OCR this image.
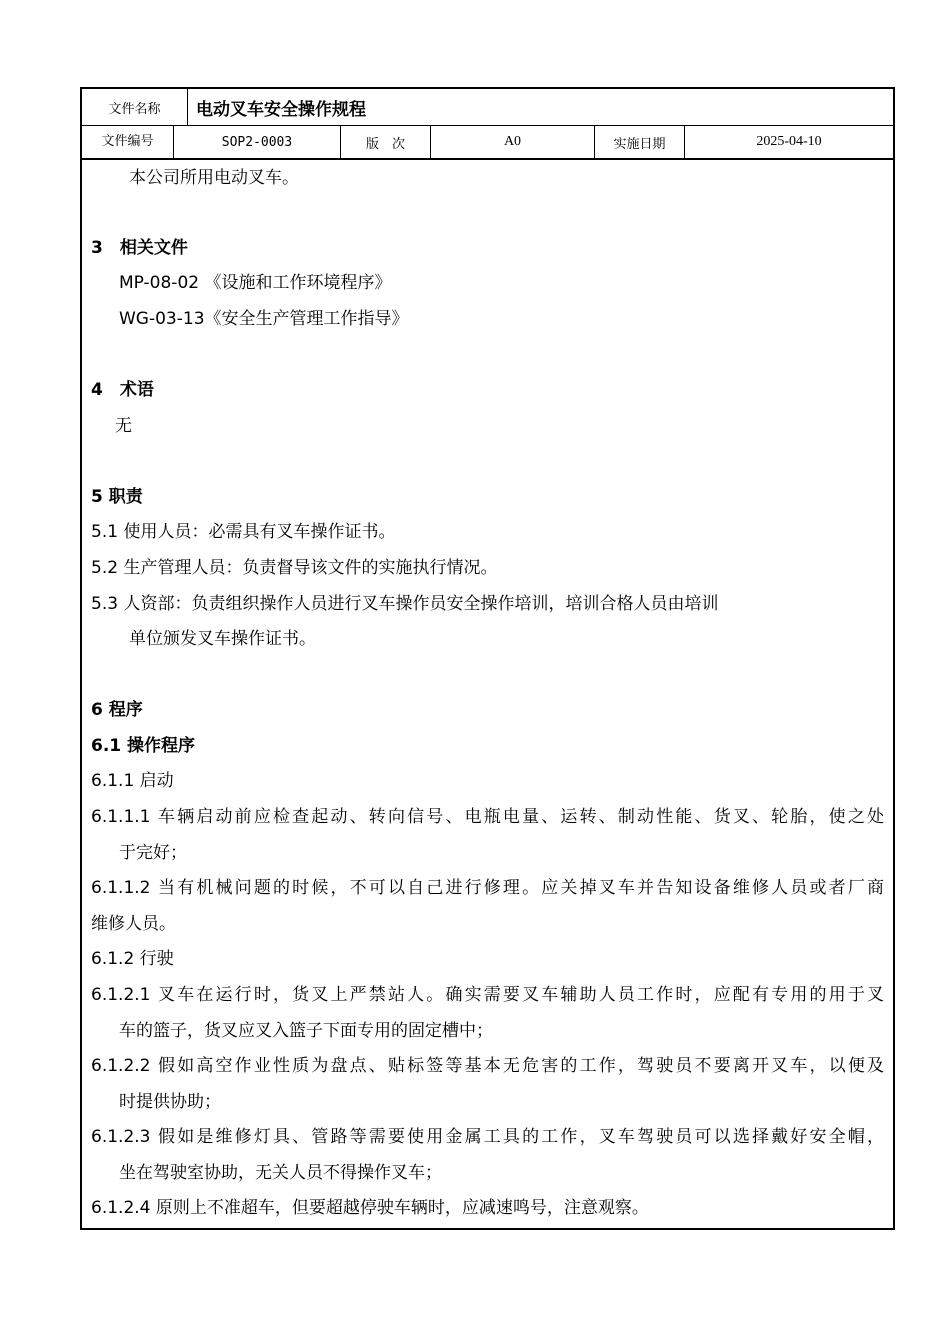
文件名称	电动叉车安全操作规程
文件编号	SOP2-0003	版　次	A0	实施日期	2025-04-10
本公司所用电动叉车。
3　相关文件
MP-08-02 《设施和工作环境程序》
WG-03-13《安全生产管理工作指导》
4　术语
无
5 职责
5.1 使用人员：必需具有叉车操作证书。
5.2 生产管理人员：负责督导该文件的实施执行情况。
5.3 人资部：负责组织操作人员进行叉车操作员安全操作培训，培训合格人员由培训
单位颁发叉车操作证书。
6 程序
6.1 操作程序
6.1.1 启动
6.1.1.1 车辆启动前应检查起动、转向信号、电瓶电量、运转、制动性能、货叉、轮胎，使之处
于完好；
6.1.1.2 当有机械问题的时候，不可以自己进行修理。应关掉叉车并告知设备维修人员或者厂商
维修人员。
6.1.2 行驶
6.1.2.1 叉车在运行时，货叉上严禁站人。确实需要叉车辅助人员工作时，应配有专用的用于叉
车的篮子，货叉应叉入篮子下面专用的固定槽中；
6.1.2.2 假如高空作业性质为盘点、贴标签等基本无危害的工作，驾驶员不要离开叉车，以便及
时提供协助；
6.1.2.3 假如是维修灯具、管路等需要使用金属工具的工作，叉车驾驶员可以选择戴好安全帽，
坐在驾驶室协助，无关人员不得操作叉车；
6.1.2.4 原则上不准超车，但要超越停驶车辆时，应减速鸣号，注意观察。
